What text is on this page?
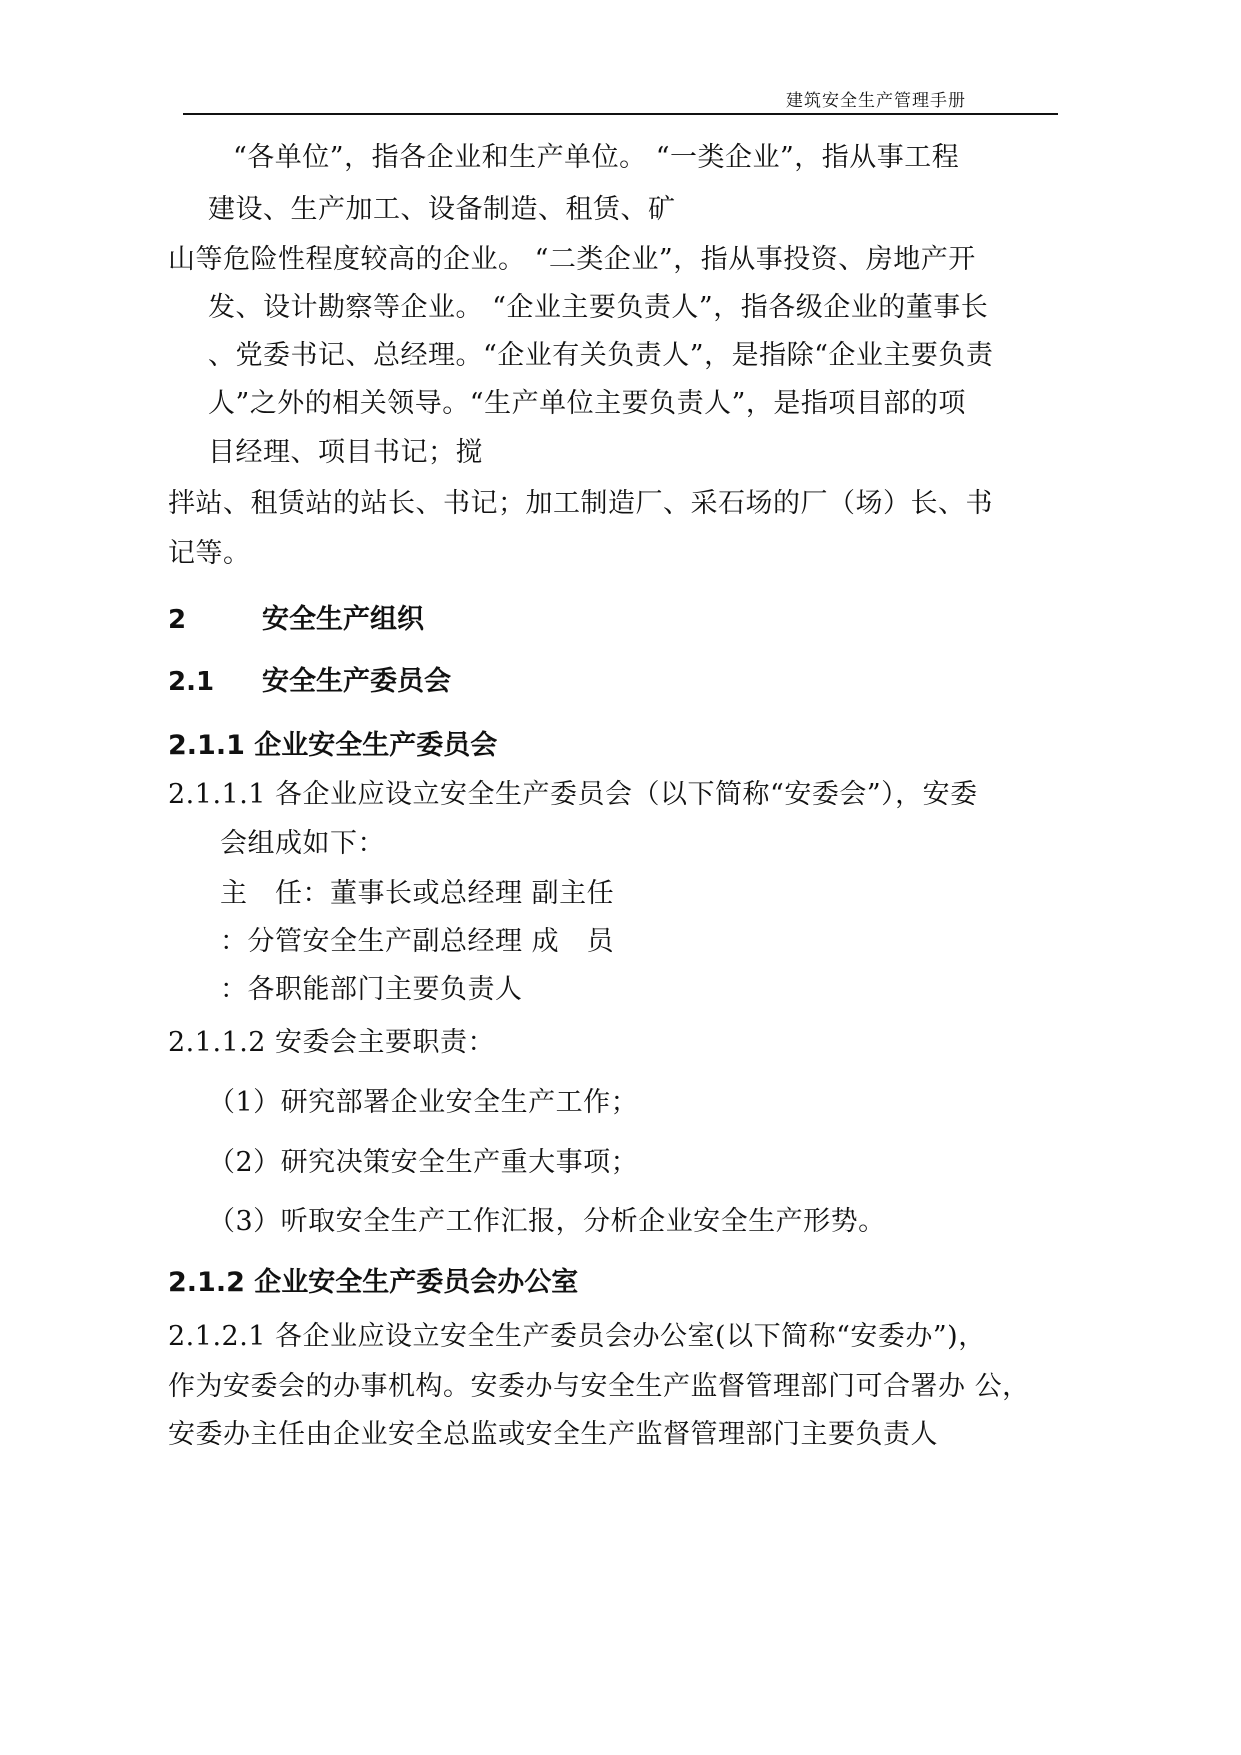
建筑安全生产管理手册
“各单位”，指各企业和生产单位。 “一类企业”，指从事工程
建设、生产加工、设备制造、租赁、矿
山等危险性程度较高的企业。 “二类企业”，指从事投资、房地产开
发、设计勘察等企业。 “企业主要负责人”，指各级企业的董事长
、党委书记、总经理。“企业有关负责人”，是指除“企业主要负责
人”之外的相关领导。“生产单位主要负责人”，是指项目部的项
目经理、项目书记；搅
拌站、租赁站的站长、书记；加工制造厂、采石场的厂（场）长、书
记等。
2	安全生产组织
2.1 安全生产委员会
2.1.1 企业安全生产委员会
2.1.1.1 各企业应设立安全生产委员会（以下简称“安委会”），安委
会组成如下：
主　任：董事长或总经理 副主任
：分管安全生产副总经理 成　员
：各职能部门主要负责人
2.1.1.2 安委会主要职责：
（1）研究部署企业安全生产工作；
（2）研究决策安全生产重大事项；
（3）听取安全生产工作汇报，分析企业安全生产形势。
2.1.2 企业安全生产委员会办公室
2.1.2.1 各企业应设立安全生产委员会办公室(以下简称“安委办”)，
作为安委会的办事机构。安委办与安全生产监督管理部门可合署办 公，
安委办主任由企业安全总监或安全生产监督管理部门主要负责人
